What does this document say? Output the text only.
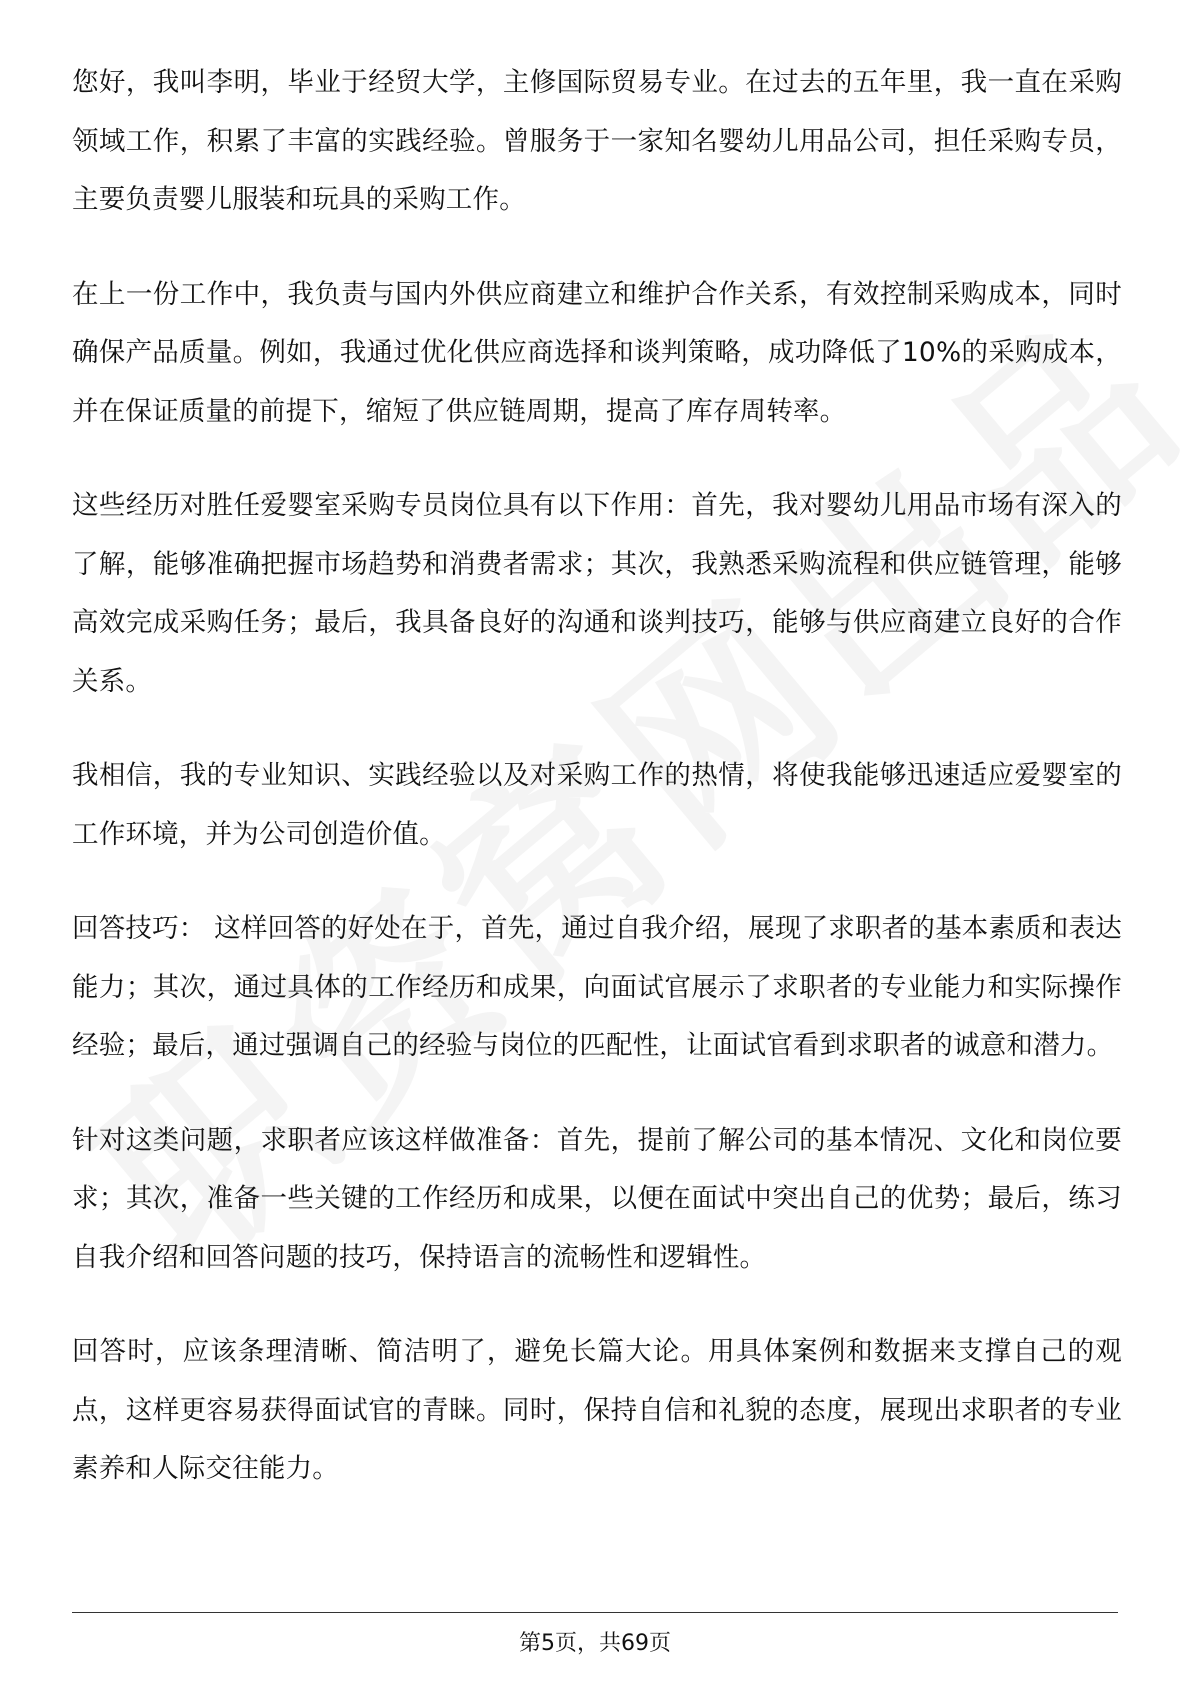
您好，我叫李明，毕业于经贸大学，主修国际贸易专业。在过去的五年里，我一直在采购领域工作，积累了丰富的实践经验。曾服务于一家知名婴幼儿用品公司，担任采购专员，主要负责婴儿服装和玩具的采购工作。

在上一份工作中，我负责与国内外供应商建立和维护合作关系，有效控制采购成本，同时确保产品质量。例如，我通过优化供应商选择和谈判策略，成功降低了10%的采购成本，并在保证质量的前提下，缩短了供应链周期，提高了库存周转率。

这些经历对胜任爱婴室采购专员岗位具有以下作用：首先，我对婴幼儿用品市场有深入的了解，能够准确把握市场趋势和消费者需求；其次，我熟悉采购流程和供应链管理，能够高效完成采购任务；最后，我具备良好的沟通和谈判技巧，能够与供应商建立良好的合作关系。

我相信，我的专业知识、实践经验以及对采购工作的热情，将使我能够迅速适应爱婴室的工作环境，并为公司创造价值。

回答技巧： 这样回答的好处在于，首先，通过自我介绍，展现了求职者的基本素质和表达能力；其次，通过具体的工作经历和成果，向面试官展示了求职者的专业能力和实际操作经验；最后，通过强调自己的经验与岗位的匹配性，让面试官看到求职者的诚意和潜力。

针对这类问题，求职者应该这样做准备：首先，提前了解公司的基本情况、文化和岗位要求；其次，准备一些关键的工作经历和成果，以便在面试中突出自己的优势；最后，练习自我介绍和回答问题的技巧，保持语言的流畅性和逻辑性。

回答时，应该条理清晰、简洁明了，避免长篇大论。用具体案例和数据来支撑自己的观点，这样更容易获得面试官的青睐。同时，保持自信和礼貌的态度，展现出求职者的专业素养和人际交往能力。

第5页，共69页
